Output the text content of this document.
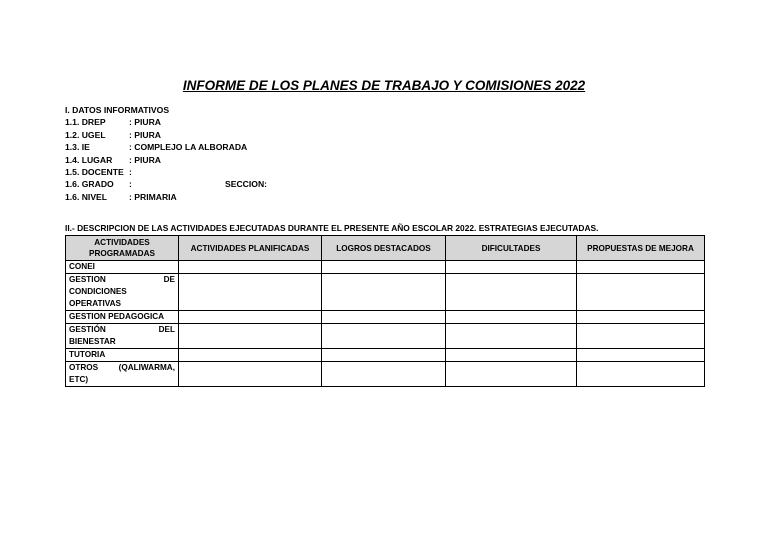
INFORME DE LOS PLANES DE TRABAJO Y COMISIONES 2022
I. DATOS INFORMATIVOS
1.1. DREP	: PIURA
1.2. UGEL	: PIURA
1.3. IE	: COMPLEJO LA ALBORADA
1.4. LUGAR : PIURA
1.5. DOCENTE :
1.6. GRADO :	SECCION:
1.6. NIVEL	: PRIMARIA
II.- DESCRIPCION DE LAS ACTIVIDADES EJECUTADAS DURANTE EL PRESENTE AÑO ESCOLAR 2022. ESTRATEGIAS EJECUTADAS.
ACTIVIDADES PROGRAMADAS	ACTIVIDADES PLANIFICADAS	LOGROS DESTACADOS	DIFICULTADES	PROPUESTAS DE MEJORA
CONEI				

GESTION DE
CONDICIONES
OPERATIVAS				

GESTION PEDAGOGICA				

GESTIÓN DEL
BIENESTAR				

TUTORIA				

OTROS (QALIWARMA,
ETC)				
